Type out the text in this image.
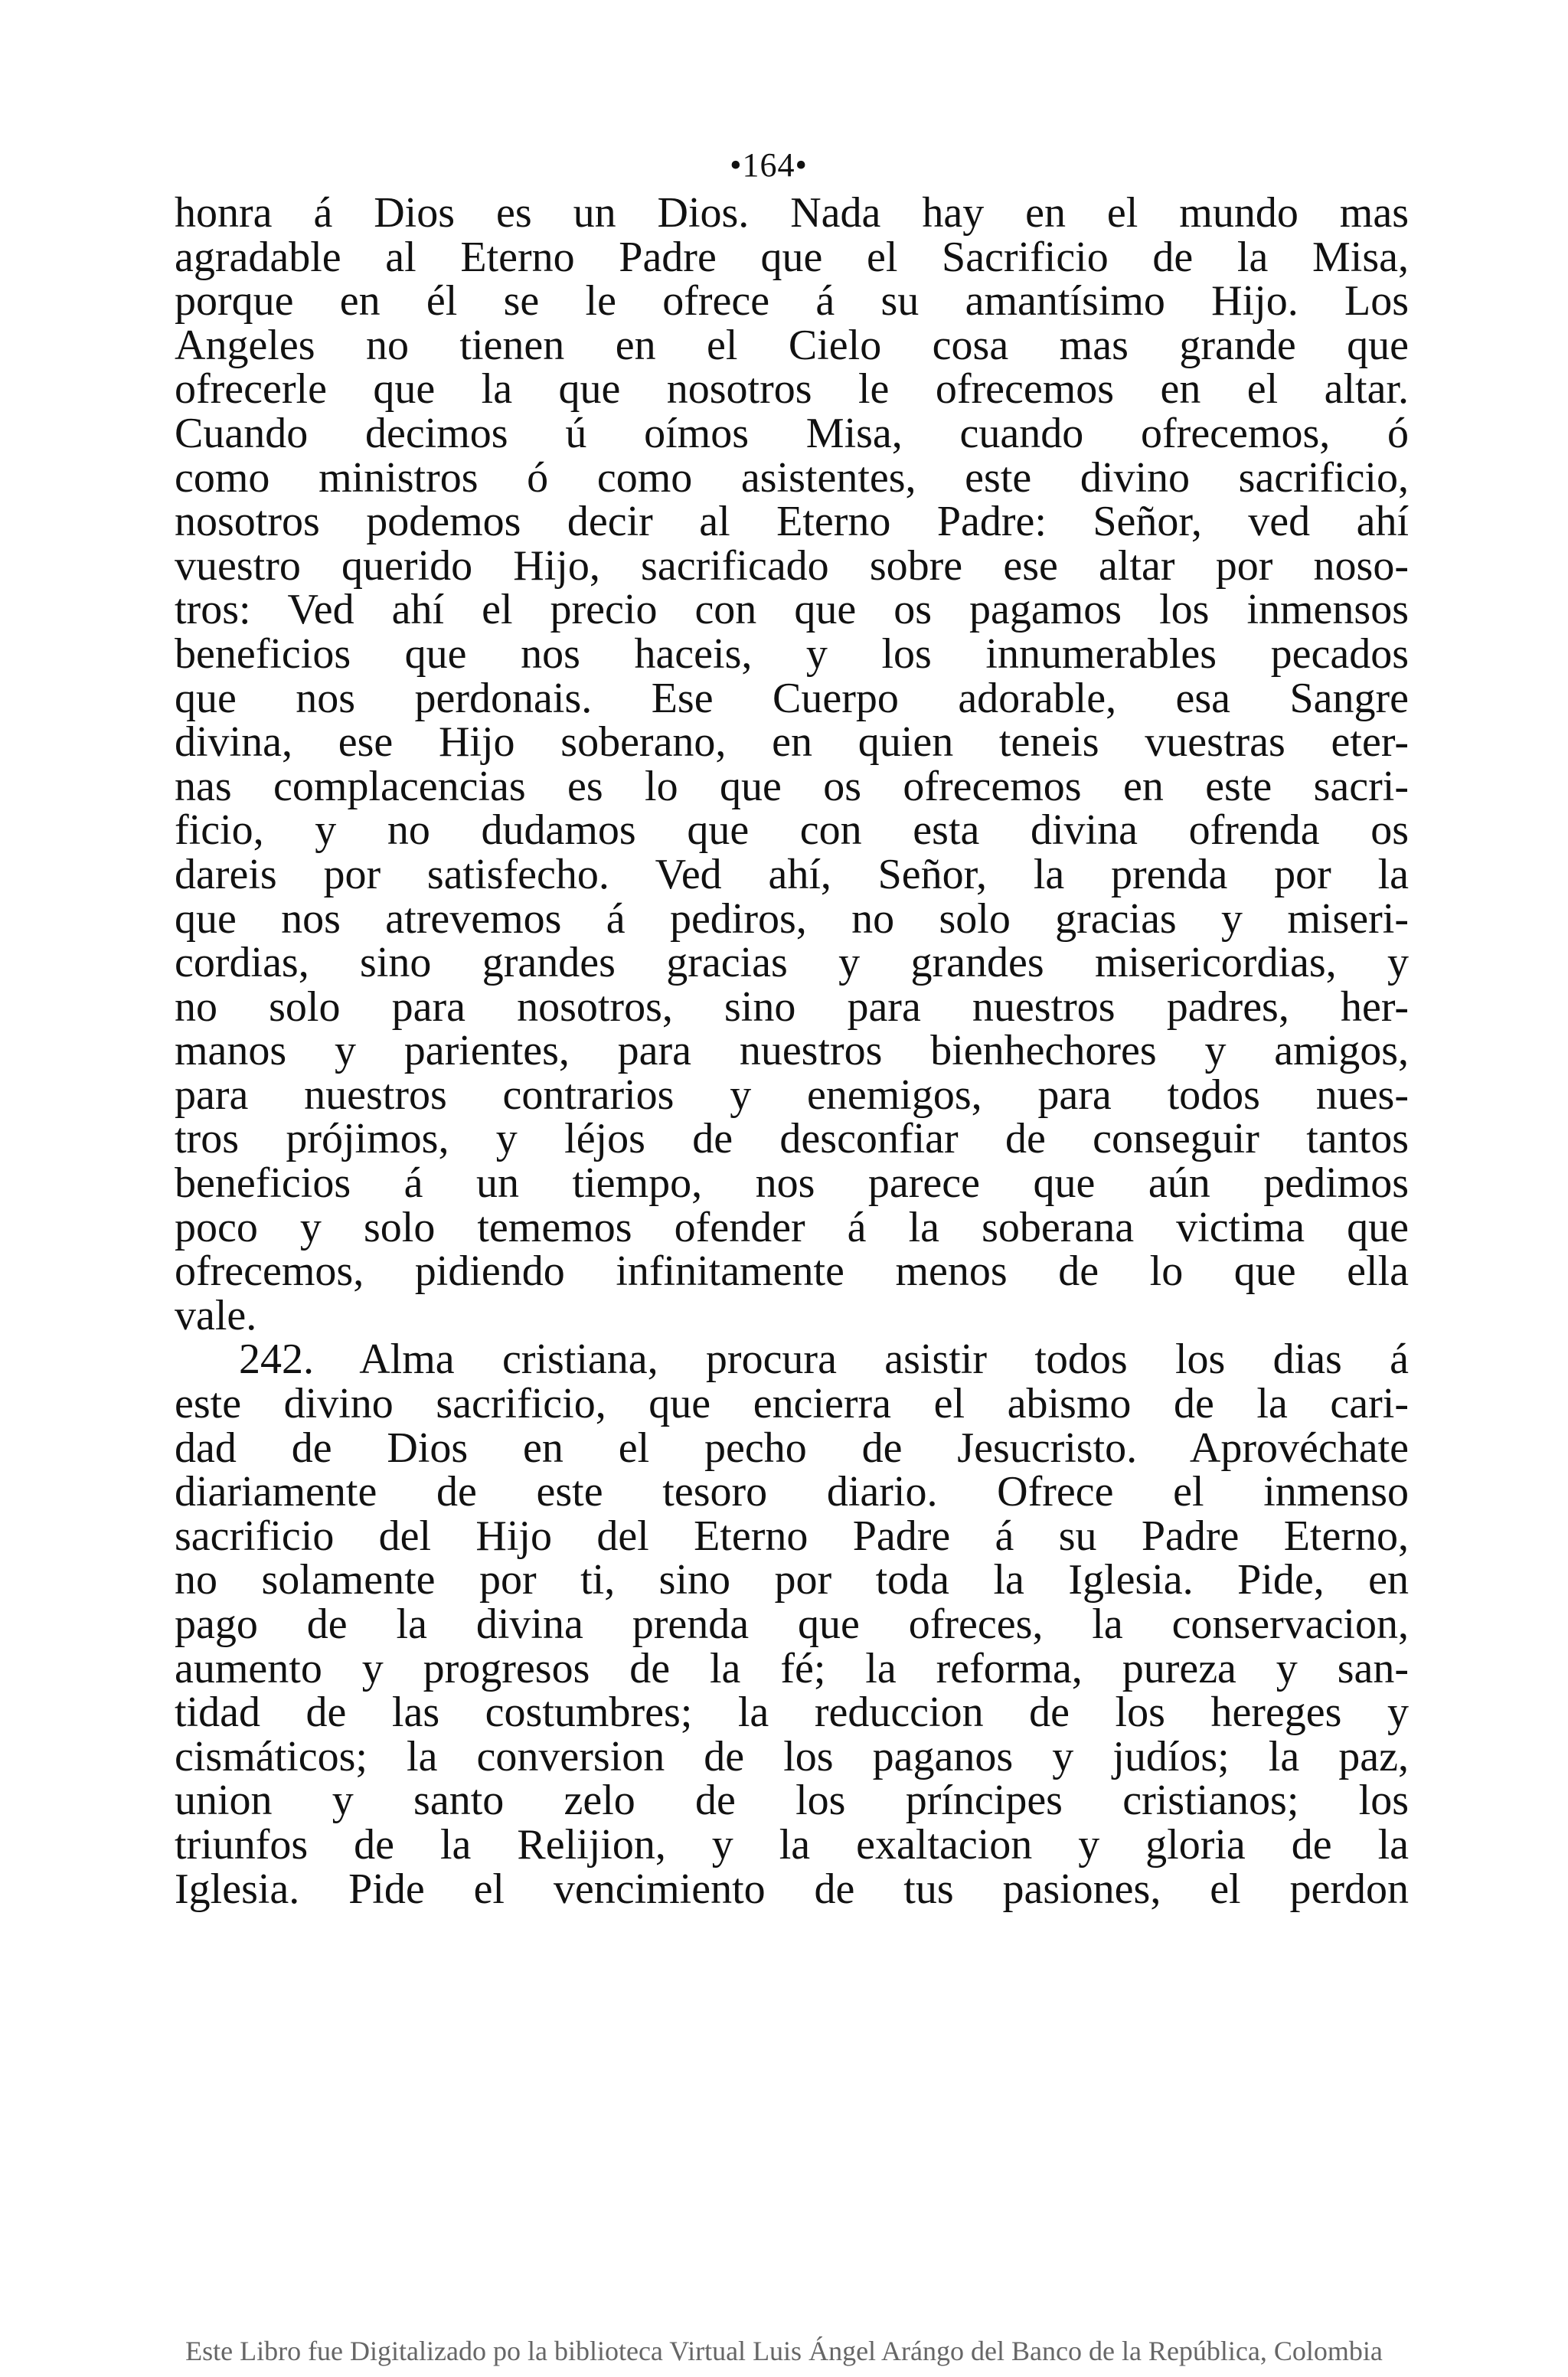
•164•
honra á Dios es un Dios. Nada hay en el mundo mas
agradable al Eterno Padre que el Sacrificio de la Misa,
porque en él se le ofrece á su amantísimo Hijo. Los
Angeles no tienen en el Cielo cosa mas grande que
ofrecerle que la que nosotros le ofrecemos en el altar.
Cuando decimos ú oímos Misa, cuando ofrecemos, ó
como ministros ó como asistentes, este divino sacrificio,
nosotros podemos decir al Eterno Padre: Señor, ved ahí
vuestro querido Hijo, sacrificado sobre ese altar por noso-
tros: Ved ahí el precio con que os pagamos los inmensos
beneficios que nos haceis, y los innumerables pecados
que nos perdonais. Ese Cuerpo adorable, esa Sangre
divina, ese Hijo soberano, en quien teneis vuestras eter-
nas complacencias es lo que os ofrecemos en este sacri-
ficio, y no dudamos que con esta divina ofrenda os
dareis por satisfecho. Ved ahí, Señor, la prenda por la
que nos atrevemos á pediros, no solo gracias y miseri-
cordias, sino grandes gracias y grandes misericordias, y
no solo para nosotros, sino para nuestros padres, her-
manos y parientes, para nuestros bienhechores y amigos,
para nuestros contrarios y enemigos, para todos nues-
tros prójimos, y léjos de desconfiar de conseguir tantos
beneficios á un tiempo, nos parece que aún pedimos
poco y solo tememos ofender á la soberana victima que
ofrecemos, pidiendo infinitamente menos de lo que ella
vale.
242. Alma cristiana, procura asistir todos los dias á
este divino sacrificio, que encierra el abismo de la cari-
dad de Dios en el pecho de Jesucristo. Aprovéchate
diariamente de este tesoro diario. Ofrece el inmenso
sacrificio del Hijo del Eterno Padre á su Padre Eterno,
no solamente por ti, sino por toda la Iglesia. Pide, en
pago de la divina prenda que ofreces, la conservacion,
aumento y progresos de la fé; la reforma, pureza y san-
tidad de las costumbres; la reduccion de los hereges y
cismáticos; la conversion de los paganos y judíos; la paz,
union y santo zelo de los príncipes cristianos; los
triunfos de la Relijion, y la exaltacion y gloria de la
Iglesia. Pide el vencimiento de tus pasiones, el perdon
Este Libro fue Digitalizado po la biblioteca Virtual Luis Ángel Arángo del Banco de la República, Colombia
